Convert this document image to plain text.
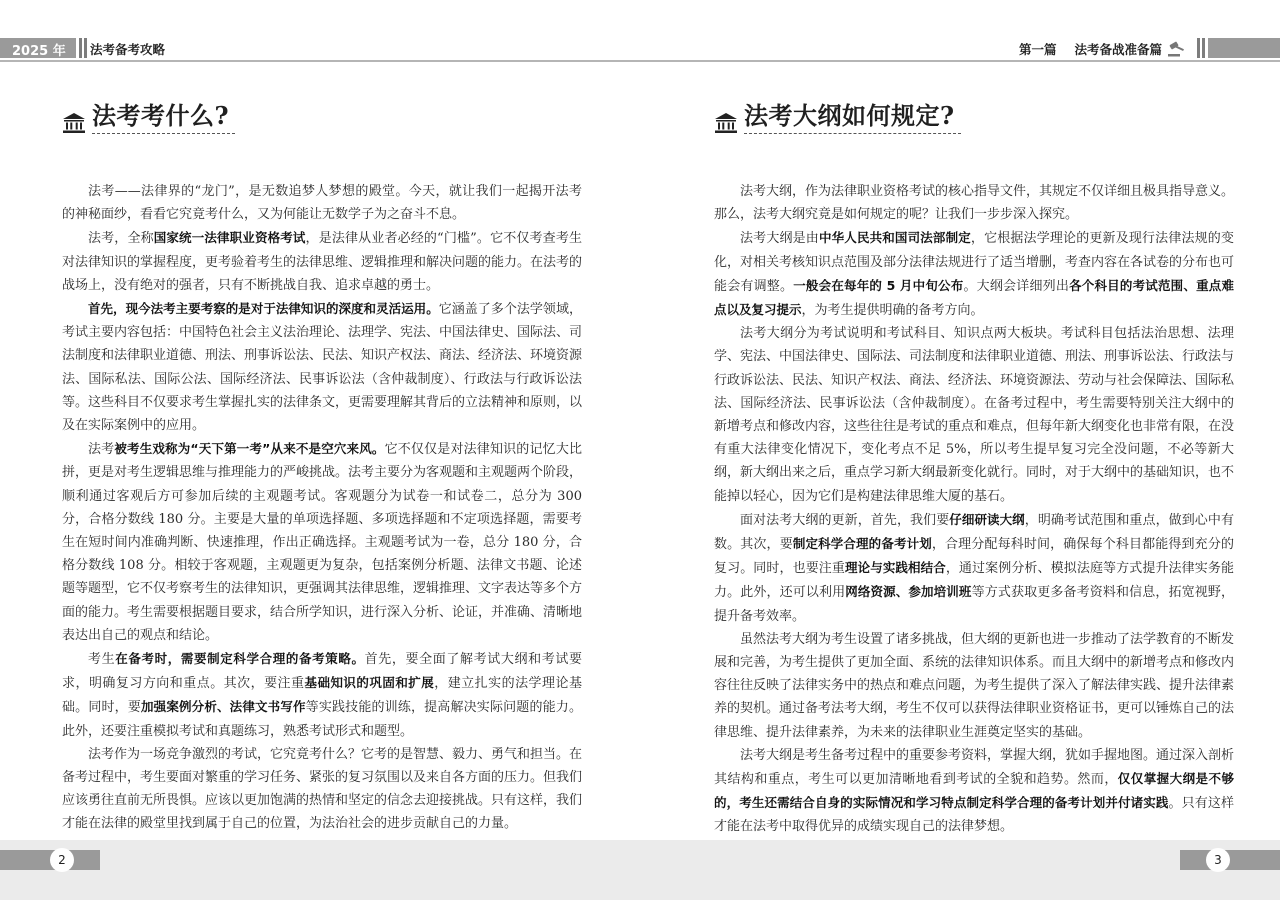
2025 年 法考备考攻略	第一篇 法考备战准备篇
法考考什么?

法考——法律界的“龙门”，是无数追梦人梦想的殿堂。今天，就让我们一起揭开法考的神秘面纱，看看它究竟考什么，又为何能让无数学子为之奋斗不息。

法考，全称国家统一法律职业资格考试，是法律从业者必经的“门槛”。它不仅考查考生对法律知识的掌握程度，更考验着考生的法律思维、逻辑推理和解决问题的能力。在法考的战场上，没有绝对的强者，只有不断挑战自我、追求卓越的勇士。

首先，现今法考主要考察的是对于法律知识的深度和灵活运用。它涵盖了多个法学领域，考试主要内容包括：中国特色社会主义法治理论、法理学、宪法、中国法律史、国际法、司法制度和法律职业道德、刑法、刑事诉讼法、民法、知识产权法、商法、经济法、环境资源法、国际私法、国际公法、国际经济法、民事诉讼法（含仲裁制度）、行政法与行政诉讼法等。这些科目不仅要求考生掌握扎实的法律条文，更需要理解其背后的立法精神和原则，以及在实际案例中的应用。

法考被考生戏称为“天下第一考”从来不是空穴来风。它不仅仅是对法律知识的记忆大比拼，更是对考生逻辑思维与推理能力的严峻挑战。法考主要分为客观题和主观题两个阶段，顺利通过客观后方可参加后续的主观题考试。客观题分为试卷一和试卷二，总分为 300 分，合格分数线 180 分。主要是大量的单项选择题、多项选择题和不定项选择题，需要考生在短时间内准确判断、快速推理，作出正确选择。主观题考试为一卷，总分 180 分，合格分数线 108 分。相较于客观题，主观题更为复杂，包括案例分析题、法律文书题、论述题等题型，它不仅考察考生的法律知识，更强调其法律思维，逻辑推理、文字表达等多个方面的能力。考生需要根据题目要求，结合所学知识，进行深入分析、论证，并准确、清晰地表达出自己的观点和结论。

考生在备考时，需要制定科学合理的备考策略。首先，要全面了解考试大纲和考试要求，明确复习方向和重点。其次，要注重基础知识的巩固和扩展，建立扎实的法学理论基础。同时，要加强案例分析、法律文书写作等实践技能的训练，提高解决实际问题的能力。此外，还要注重模拟考试和真题练习，熟悉考试形式和题型。

法考作为一场竞争激烈的考试，它究竟考什么？它考的是智慧、毅力、勇气和担当。在备考过程中，考生要面对繁重的学习任务、紧张的复习氛围以及来自各方面的压力。但我们应该勇往直前无所畏惧。应该以更加饱满的热情和坚定的信念去迎接挑战。只有这样，我们才能在法律的殿堂里找到属于自己的位置，为法治社会的进步贡献自己的力量。

法考大纲如何规定?

法考大纲，作为法律职业资格考试的核心指导文件，其规定不仅详细且极具指导意义。那么，法考大纲究竟是如何规定的呢？让我们一步步深入探究。

法考大纲是由中华人民共和国司法部制定，它根据法学理论的更新及现行法律法规的变化，对相关考核知识点范围及部分法律法规进行了适当增删，考查内容在各试卷的分布也可能会有调整。一般会在每年的 5 月中旬公布。大纲会详细列出各个科目的考试范围、重点难点以及复习提示，为考生提供明确的备考方向。

法考大纲分为考试说明和考试科目、知识点两大板块。考试科目包括法治思想、法理学、宪法、中国法律史、国际法、司法制度和法律职业道德、刑法、刑事诉讼法、行政法与行政诉讼法、民法、知识产权法、商法、经济法、环境资源法、劳动与社会保障法、国际私法、国际经济法、民事诉讼法（含仲裁制度）。在备考过程中，考生需要特别关注大纲中的新增考点和修改内容，这些往往是考试的重点和难点，但每年新大纲变化也非常有限，在没有重大法律变化情况下，变化考点不足 5%，所以考生提早复习完全没问题，不必等新大纲，新大纲出来之后，重点学习新大纲最新变化就行。同时，对于大纲中的基础知识，也不能掉以轻心，因为它们是构建法律思维大厦的基石。

面对法考大纲的更新，首先，我们要仔细研读大纲，明确考试范围和重点，做到心中有数。其次，要制定科学合理的备考计划，合理分配每科时间，确保每个科目都能得到充分的复习。同时，也要注重理论与实践相结合，通过案例分析、模拟法庭等方式提升法律实务能力。此外，还可以利用网络资源、参加培训班等方式获取更多备考资料和信息，拓宽视野，提升备考效率。

虽然法考大纲为考生设置了诸多挑战，但大纲的更新也进一步推动了法学教育的不断发展和完善，为考生提供了更加全面、系统的法律知识体系。而且大纲中的新增考点和修改内容往往反映了法律实务中的热点和难点问题，为考生提供了深入了解法律实践、提升法律素养的契机。通过备考法考大纲，考生不仅可以获得法律职业资格证书，更可以锤炼自己的法律思维、提升法律素养，为未来的法律职业生涯奠定坚实的基础。

法考大纲是考生备考过程中的重要参考资料，掌握大纲，犹如手握地图。通过深入剖析其结构和重点，考生可以更加清晰地看到考试的全貌和趋势。然而，仅仅掌握大纲是不够的，考生还需结合自身的实际情况和学习特点制定科学合理的备考计划并付诸实践。只有这样才能在法考中取得优异的成绩实现自己的法律梦想。

2	3
